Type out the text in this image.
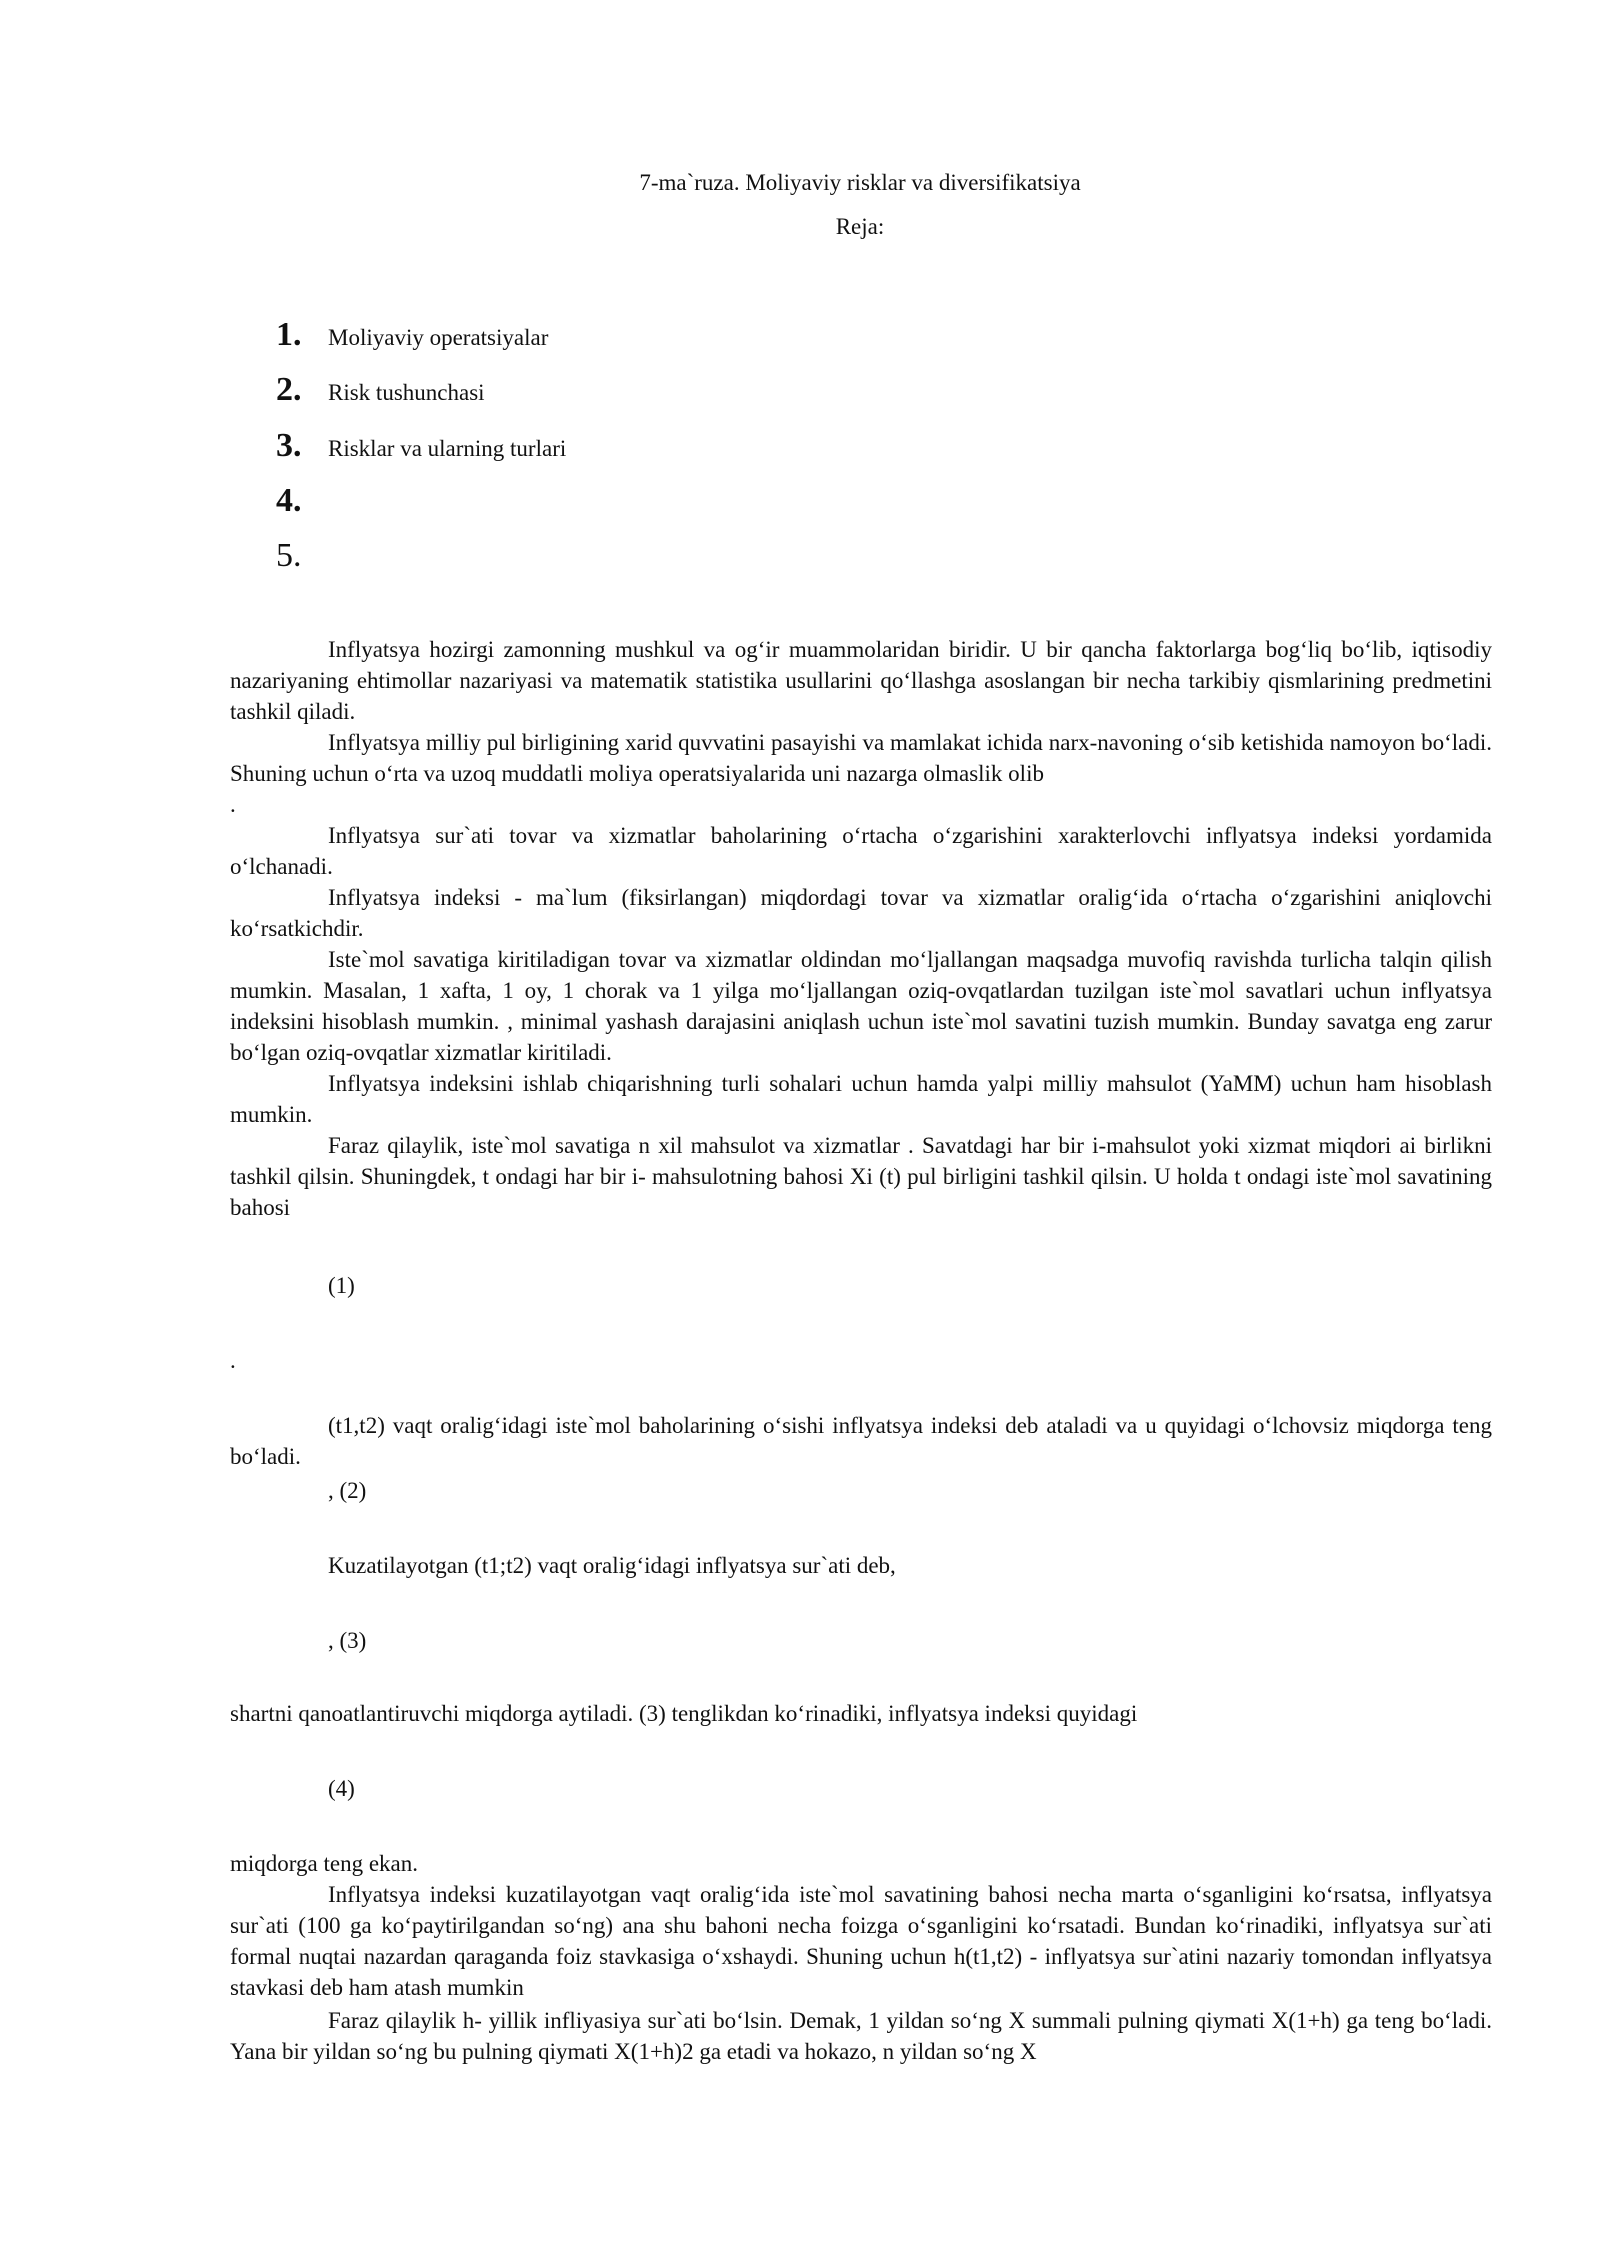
7-ma`ruza. Moliyaviy risklar va diversifikatsiya
Reja:
1.	Moliyaviy operatsiyalar
2.	Risk tushunchasi
3.	Risklar va ularning turlari
4.
5.

Inflyatsya hozirgi zamonning mushkul va og‘ir muammolaridan biridir. U bir qancha faktorlarga bog‘liq bo‘lib, iqtisodiy nazariyaning ehtimollar nazariyasi va matematik statistika usullarini qo‘llashga asoslangan bir necha tarkibiy qismlarining predmetini tashkil qiladi.

Inflyatsya milliy pul birligining xarid quvvatini pasayishi va mamlakat ichida narx-navoning o‘sib ketishida namoyon bo‘ladi. Shuning uchun o‘rta va uzoq muddatli moliya operatsiyalarida uni nazarga olmaslik olib

.

Inflyatsya sur`ati tovar va xizmatlar baholarining o‘rtacha o‘zgarishini xarakterlovchi inflyatsya indeksi yordamida o‘lchanadi.

Inflyatsya indeksi - ma`lum (fiksirlangan) miqdordagi tovar va xizmatlar oralig‘ida o‘rtacha o‘zgarishini aniqlovchi ko‘rsatkichdir.

Iste`mol savatiga kiritiladigan tovar va xizmatlar oldindan mo‘ljallangan maqsadga muvofiq ravishda turlicha talqin qilish mumkin. Masalan, 1 xafta, 1 oy, 1 chorak va 1 yilga mo‘ljallangan oziq-ovqatlardan tuzilgan iste`mol savatlari uchun inflyatsya indeksini hisoblash mumkin. , minimal yashash darajasini aniqlash uchun iste`mol savatini tuzish mumkin. Bunday savatga eng zarur bo‘lgan oziq-ovqatlar xizmatlar kiritiladi.

Inflyatsya indeksini ishlab chiqarishning turli sohalari uchun hamda yalpi milliy mahsulot (YaMM) uchun ham hisoblash mumkin.

Faraz qilaylik, iste`mol savatiga n xil mahsulot va xizmatlar . Savatdagi har bir i-mahsulot yoki xizmat miqdori ai birlikni tashkil qilsin. Shuningdek, t ondagi har bir i- mahsulotning bahosi Xi (t) pul birligini tashkil qilsin. U holda t ondagi iste`mol savatining bahosi

(1)
.

(t1,t2) vaqt oralig‘idagi iste`mol baholarining o‘sishi inflyatsya indeksi deb ataladi va u quyidagi o‘lchovsiz miqdorga teng bo‘ladi.

, (2)
Kuzatilayotgan (t1;t2) vaqt oralig‘idagi inflyatsya sur`ati deb,
, (3)
shartni qanoatlantiruvchi miqdorga aytiladi. (3) tenglikdan ko‘rinadiki, inflyatsya indeksi quyidagi
(4)
miqdorga teng ekan.

Inflyatsya indeksi kuzatilayotgan vaqt oralig‘ida iste`mol savatining bahosi necha marta o‘sganligini ko‘rsatsa, inflyatsya sur`ati (100 ga ko‘paytirilgandan so‘ng) ana shu bahoni necha foizga o‘sganligini ko‘rsatadi. Bundan ko‘rinadiki, inflyatsya sur`ati formal nuqtai nazardan qaraganda foiz stavkasiga o‘xshaydi. Shuning uchun h(t1,t2) - inflyatsya sur`atini nazariy tomondan inflyatsya stavkasi deb ham atash mumkin

Faraz qilaylik h- yillik infliyasiya sur`ati bo‘lsin. Demak, 1 yildan so‘ng X summali pulning qiymati X(1+h) ga teng bo‘ladi. Yana bir yildan so‘ng bu pulning qiymati X(1+h)2 ga etadi va hokazo, n yildan so‘ng X
